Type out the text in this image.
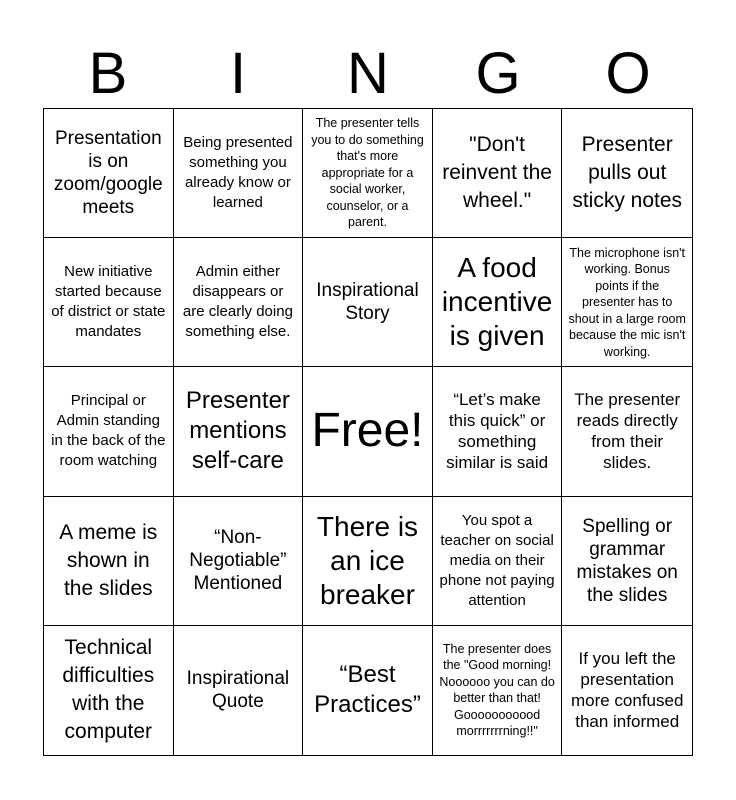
B	I	N	G	O
Presentation is on zoom/google meets
Being presented something you already know or learned
The presenter tells you to do something that's more appropriate for a social worker, counselor, or a parent.
"Don't reinvent the wheel."
Presenter pulls out sticky notes
New initiative started because of district or state mandates
Admin either disappears or are clearly doing something else.
Inspirational Story
A food incentive is given
The microphone isn't working. Bonus points if the presenter has to shout in a large room because the mic isn't working.
Principal or Admin standing in the back of the room watching
Presenter mentions self-care
Free!
“Let’s make this quick” or something similar is said
The presenter reads directly from their slides.
A meme is shown in the slides
“Non-Negotiable” Mentioned
There is an ice breaker
You spot a teacher on social media on their phone not paying attention
Spelling or grammar mistakes on the slides
Technical difficulties with the computer
Inspirational Quote
“Best Practices”
The presenter does the "Good morning! Noooooo you can do better than that! Gooooooooood morrrrrrrning!!"
If you left the presentation more confused than informed
